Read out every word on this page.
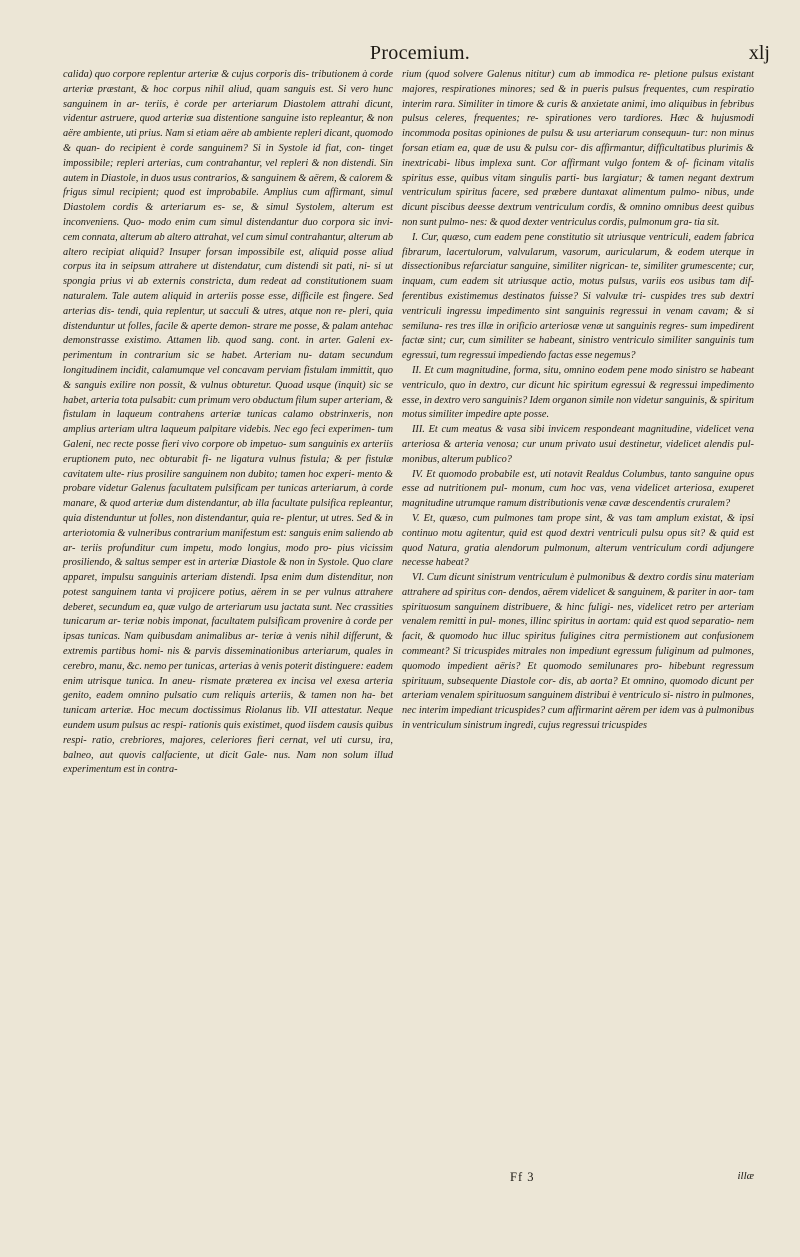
Procemium.	xlj

calida) quo corpore replentur arteriæ & cujus corporis dis- tributionem à corde arteriæ præstant, & hoc corpus nihil aliud, quam sanguis est. Si vero hunc sanguinem in ar- teriis, è corde per arteriarum Diastolem attrahi dicunt, videntur astruere, quod arteriæ sua distentione sanguine isto repleantur, & non aëre ambiente, uti prius. Nam si etiam aëre ab ambiente repleri dicant, quomodo & quan- do recipient è corde sanguinem? Si in Systole id fiat, con- tinget impossibile; repleri arterias, cum contrahantur, vel repleri & non distendi. Sin autem in Diastole, in duos usus contrarios, & sanguinem & aërem, & calorem & frigus simul recipient; quod est improbabile. Amplius cum affirmant, simul Diastolem cordis & arteriarum es- se, & simul Systolem, alterum est inconveniens. Quo- modo enim cum simul distendantur duo corpora sic invi- cem connata, alterum ab altero attrahat, vel cum simul contrahantur, alterum ab altero recipiat aliquid? Insuper forsan impossibile est, aliquid posse aliud corpus ita in seipsum attrahere ut distendatur, cum distendi sit pati, ni- si ut spongia prius vi ab externis constricta, dum redeat ad constitutionem suam naturalem. Tale autem aliquid in arteriis posse esse, difficile est fingere. Sed arterias dis- tendi, quia replentur, ut sacculi & utres, atque non re- pleri, quia distenduntur ut folles, facile & aperte demon- strare me posse, & palam antehac demonstrasse existimo. Attamen lib. quod sang. cont. in arter. Galeni ex- perimentum in contrarium sic se habet. Arteriam nu- datam secundum longitudinem incidit, calamumque vel concavam perviam fistulam immittit, quo & sanguis exilire non possit, & vulnus obturetur. Quoad usque (inquit) sic se habet, arteria tota pulsabit: cum primum vero obductum filum super arteriam, & fistulam in laqueum contrahens arteriæ tunicas calamo obstrinxeris, non amplius arteriam ultra laqueum palpitare videbis. Nec ego feci experimen- tum Galeni, nec recte posse fieri vivo corpore ob impetuo- sum sanguinis ex arteriis eruptionem puto, nec obturabit fi- ne ligatura vulnus fistula; & per fistulæ cavitatem ulte- rius prosilire sanguinem non dubito; tamen hoc experi- mento & probare videtur Galenus facultatem pulsificam per tunicas arteriarum, à corde manare, & quod arteriæ dum distendantur, ab illa facultate pulsifica repleantur, quia distenduntur ut folles, non distendantur, quia re- plentur, ut utres. Sed & in arteriotomia & vulneribus contrarium manifestum est: sanguis enim saliendo ab ar- teriis profunditur cum impetu, modo longius, modo pro- pius vicissim prosiliendo, & saltus semper est in arteriæ Diastole & non in Systole. Quo clare apparet, impulsu sanguinis arteriam distendi. Ipsa enim dum distenditur, non potest sanguinem tanta vi projicere potius, aërem in se per vulnus attrahere deberet, secundum ea, quæ vulgo de arteriarum usu jactata sunt. Nec crassities tunicarum ar- teriæ nobis imponat, facultatem pulsificam provenire à corde per ipsas tunicas. Nam quibusdam animalibus ar- teriæ à venis nihil differunt, & extremis partibus homi- nis & parvis disseminationibus arteriarum, quales in cerebro, manu, &c. nemo per tunicas, arterias à venis poterit distinguere: eadem enim utrisque tunica. In aneu- rismate præterea ex incisa vel exesa arteria genito, eadem omnino pulsatio cum reliquis arteriis, & tamen non ha- bet tunicam arteriæ. Hoc mecum doctissimus Riolanus lib. VII attestatur. Neque eundem usum pulsus ac respi- rationis quis existimet, quod iisdem causis quibus respi- ratio, crebriores, majores, celeriores fieri cernat, vel uti cursu, ira, balneo, aut quovis calfaciente, ut dicit Gale- nus. Nam non solum illud experimentum est in contra-

rium (quod solvere Galenus nititur) cum ab immodica re- pletione pulsus existant majores, respirationes minores; sed & in pueris pulsus frequentes, cum respiratio interim rara. Similiter in timore & curis & anxietate animi, imo aliquibus in febribus pulsus celeres, frequentes; re- spirationes vero tardiores. Hæc & hujusmodi incommoda positas opiniones de pulsu & usu arteriarum consequun- tur: non minus forsan etiam ea, quæ de usu & pulsu cor- dis affirmantur, difficultatibus plurimis & inextricabi- libus implexa sunt. Cor affirmant vulgo fontem & of- ficinam vitalis spiritus esse, quibus vitam singulis parti- bus largiatur; & tamen negant dextrum ventriculum spiritus facere, sed præbere duntaxat alimentum pulmo- nibus, unde dicunt piscibus deesse dextrum ventriculum cordis, & omnino omnibus deest quibus non sunt pulmo- nes: & quod dexter ventriculus cordis, pulmonum gra- tia sit.

I. Cur, quæso, cum eadem pene constitutio sit utriusque ventriculi, eadem fabrica fibrarum, lacertulorum, valvularum, vasorum, auricularum, & eodem uterque in dissectionibus refarciatur sanguine, similiter nigrican- te, similiter grumescente; cur, inquam, cum eadem sit utriusque actio, motus pulsus, variis eos usibus tam dif- ferentibus existimemus destinatos fuisse? Si valvulæ tri- cuspides tres sub dextri ventriculi ingressu impedimento sint sanguinis regressui in venam cavam; & si semiluna- res tres illæ in orificio arteriosæ venæ ut sanguinis regres- sum impedirent factæ sint; cur, cum similiter se habeant, sinistro ventriculo similiter sanguinis tum egressui, tum regressui impediendo factas esse negemus?

II. Et cum magnitudine, forma, situ, omnino eodem pene modo sinistro se habeant ventriculo, quo in dextro, cur dicunt hic spiritum egressui & regressui impedimento esse, in dextro vero sanguinis? Idem organon simile non videtur sanguinis, & spiritum motus similiter impedire apte posse.

III. Et cum meatus & vasa sibi invicem respondeant magnitudine, videlicet vena arteriosa & arteria venosa; cur unum privato usui destinetur, videlicet alendis pul- monibus, alterum publico?

IV. Et quomodo probabile est, uti notavit Realdus Columbus, tanto sanguine opus esse ad nutritionem pul- monum, cum hoc vas, vena videlicet arteriosa, exuperet magnitudine utrumque ramum distributionis venæ cavæ descendentis cruralem?

V. Et, quæso, cum pulmones tam prope sint, & vas tam amplum existat, & ipsi continuo motu agitentur, quid est quod dextri ventriculi pulsu opus sit? & quid est quod Natura, gratia alendorum pulmonum, alterum ventriculum cordi adjungere necesse habeat?

VI. Cum dicunt sinistrum ventriculum è pulmonibus & dextro cordis sinu materiam attrahere ad spiritus con- dendos, aërem videlicet & sanguinem, & pariter in aor- tam spirituosum sanguinem distribuere, & hinc fuligi- nes, videlicet retro per arteriam venalem remitti in pul- mones, illinc spiritus in aortam: quid est quod separatio- nem facit, & quomodo huc illuc spiritus fuligines citra permistionem aut confusionem commeant? Si tricuspides mitrales non impediunt egressum fuliginum ad pulmones, quomodo impedient aëris? Et quomodo semilunares pro- hibebunt regressum spirituum, subsequente Diastole cor- dis, ab aorta? Et omnino, quomodo dicunt per arteriam venalem spirituosum sanguinem distribui è ventriculo si- nistro in pulmones, nec interim impediant tricuspides? cum affirmarint aërem per idem vas à pulmonibus in ventriculum sinistrum ingredi, cujus regressui tricuspides

Ff 3	illæ
